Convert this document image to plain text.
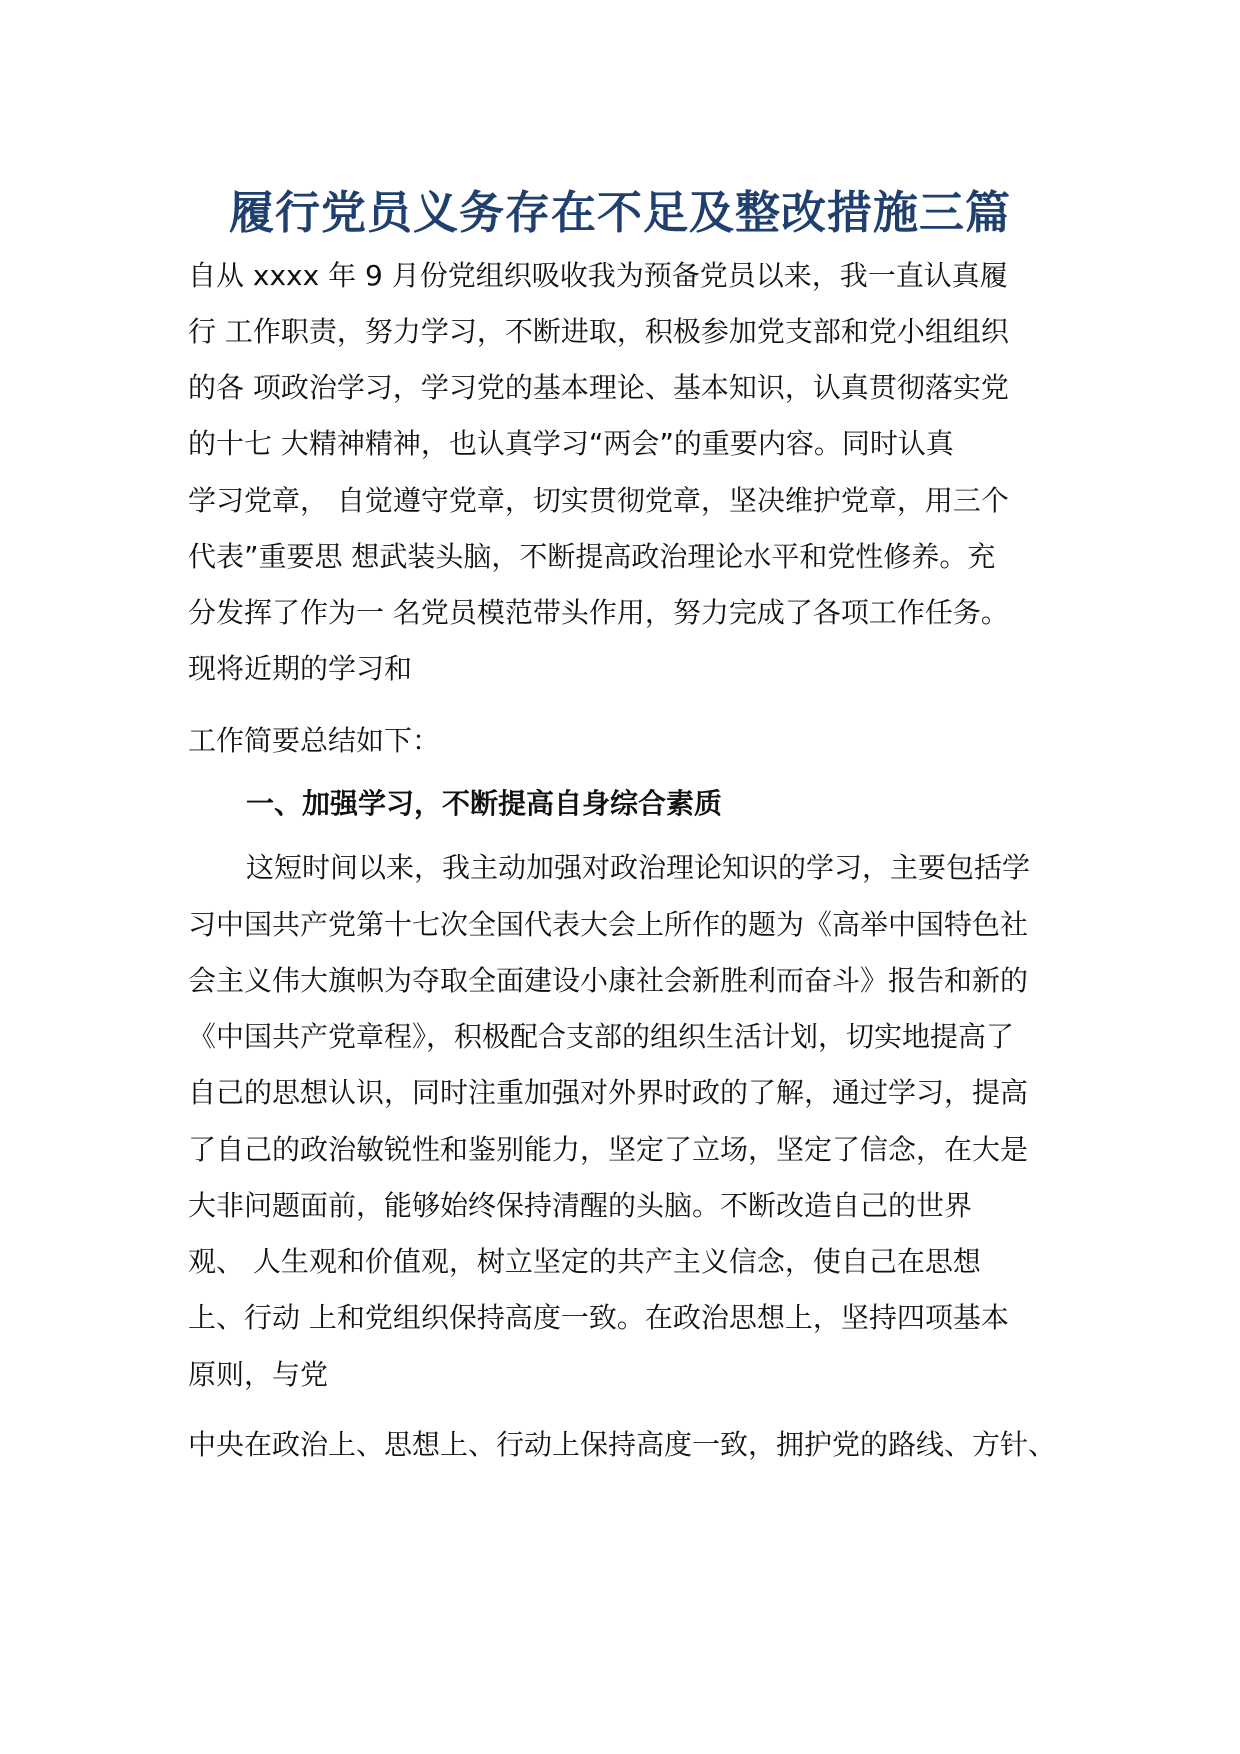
履行党员义务存在不足及整改措施三篇
自从 xxxx 年 9 月份党组织吸收我为预备党员以来，我一直认真履
行 工作职责，努力学习，不断进取，积极参加党支部和党小组组织
的各 项政治学习，学习党的基本理论、基本知识，认真贯彻落实党
的十七 大精神精神，也认真学习“两会”的重要内容。同时认真
学习党章， 自觉遵守党章，切实贯彻党章，坚决维护党章，用三个
代表”重要思 想武装头脑，不断提高政治理论水平和党性修养。充
分发挥了作为一 名党员模范带头作用，努力完成了各项工作任务。
现将近期的学习和
工作简要总结如下：
一、加强学习，不断提高自身综合素质
这短时间以来，我主动加强对政治理论知识的学习，主要包括学
习中国共产党第十七次全国代表大会上所作的题为《高举中国特色社
会主义伟大旗帜为夺取全面建设小康社会新胜利而奋斗》报告和新的
《中国共产党章程》，积极配合支部的组织生活计划，切实地提高了
自己的思想认识，同时注重加强对外界时政的了解，通过学习，提高
了自己的政治敏锐性和鉴别能力，坚定了立场，坚定了信念，在大是
大非问题面前，能够始终保持清醒的头脑。不断改造自己的世界
观、 人生观和价值观，树立坚定的共产主义信念，使自己在思想
上、行动 上和党组织保持高度一致。在政治思想上，坚持四项基本
原则，与党
中央在政治上、思想上、行动上保持高度一致，拥护党的路线、方针、
